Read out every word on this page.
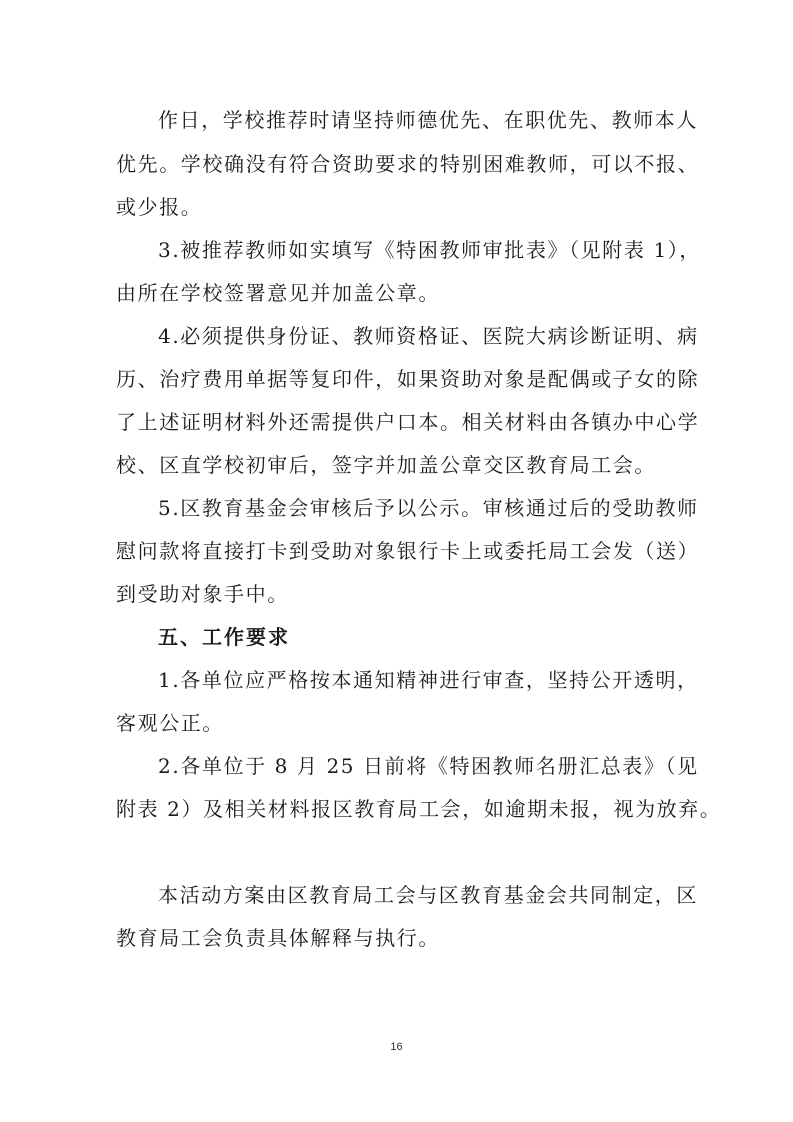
作日，学校推荐时请坚持师德优先、在职优先、教师本人
优先。学校确没有符合资助要求的特别困难教师，可以不报、
或少报。
3.被推荐教师如实填写《特困教师审批表》（见附表 1），
由所在学校签署意见并加盖公章。
4.必须提供身份证、教师资格证、医院大病诊断证明、病
历、治疗费用单据等复印件，如果资助对象是配偶或子女的除
了上述证明材料外还需提供户口本。相关材料由各镇办中心学
校、区直学校初审后，签字并加盖公章交区教育局工会。
5.区教育基金会审核后予以公示。审核通过后的受助教师
慰问款将直接打卡到受助对象银行卡上或委托局工会发（送）
到受助对象手中。
五、工作要求
1.各单位应严格按本通知精神进行审查，坚持公开透明，
客观公正。
2.各单位于 8 月 25 日前将《特困教师名册汇总表》（见
附表 2）及相关材料报区教育局工会，如逾期未报，视为放弃。
本活动方案由区教育局工会与区教育基金会共同制定，区
教育局工会负责具体解释与执行。
16
